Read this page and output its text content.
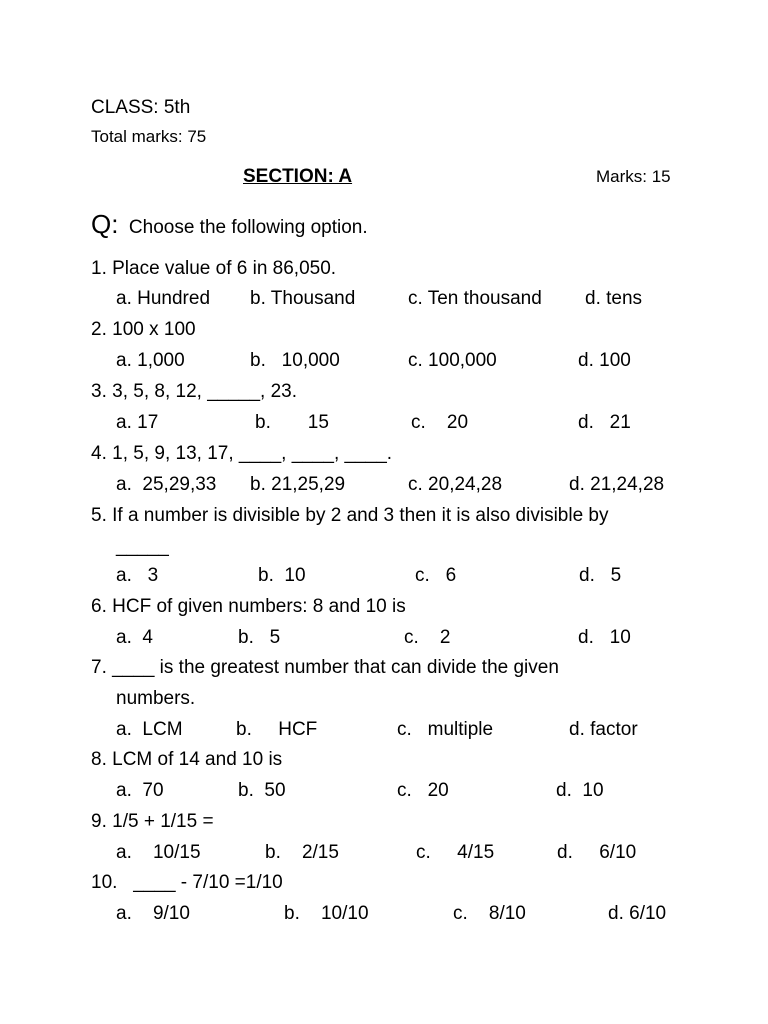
CLASS: 5th
Total marks: 75
SECTION: A	Marks: 15
Q: Choose the following option.
1. Place value of 6 in 86,050.
a. Hundred b. Thousand	c. Ten thousand d. tens
2. 100 x 100
a. 1,000	b.   10,000	c. 100,000	d. 100
3. 3, 5, 8, 12, _____, 23.
a. 17	b.       15	c.    20	d.   21
4. 1, 5, 9, 13, 17, ____, ____, ____.
a.  25,29,33 b. 21,25,29	c. 20,24,28	d. 21,24,28
5. If a number is divisible by 2 and 3 then it is also divisible by
_____
a.   3	b.  10	c.   6	d.   5
6. HCF of given numbers: 8 and 10 is
a.  4	b.   5	c.    2	d.   10
7. ____ is the greatest number that can divide the given
numbers.
a.  LCM	b.     HCF	c.   multiple	d. factor
8. LCM of 14 and 10 is
a.  70	b.  50	c.   20	d.  10
9. 1/5 + 1/15 =
a.    10/15	b.    2/15	c.     4/15	d.     6/10
10.   ____ - 7/10 =1/10
a.    9/10	b.    10/10	c.    8/10	d. 6/10
